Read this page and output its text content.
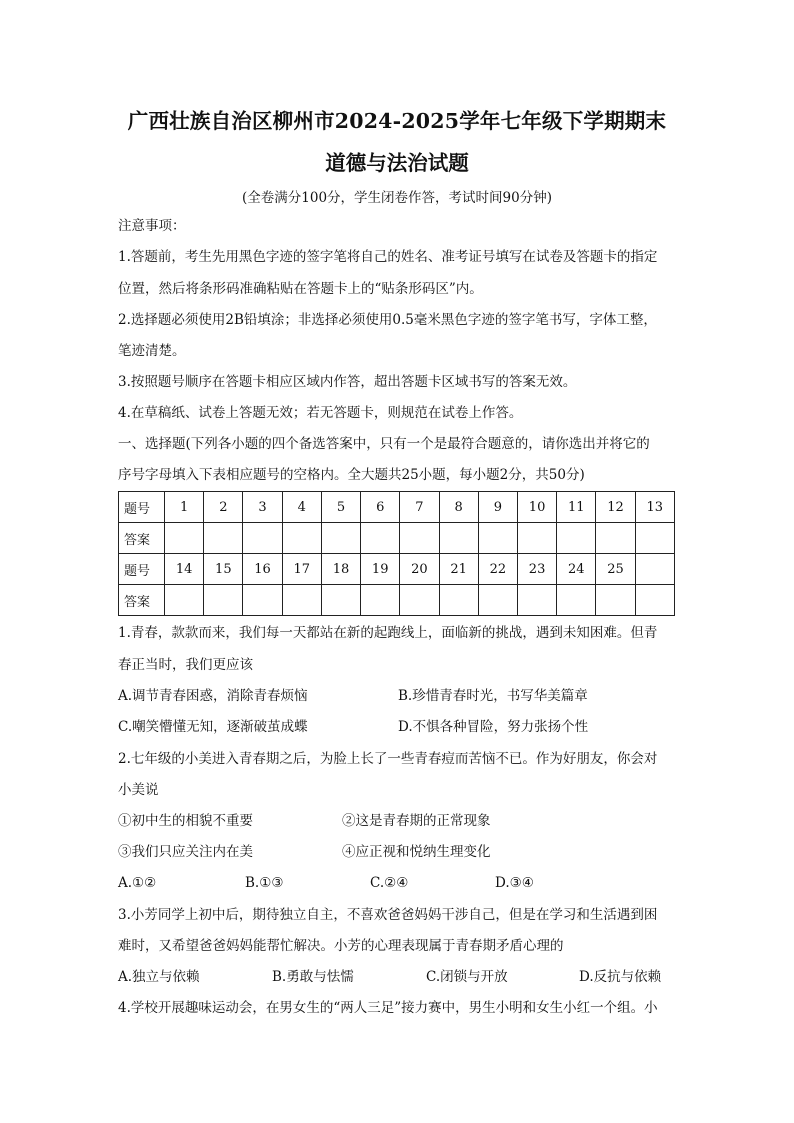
广西壮族自治区柳州市2024-2025学年七年级下学期期末
道德与法治试题
(全卷满分100分，学生闭卷作答，考试时间90分钟)
注意事项：
1.答题前，考生先用黑色字迹的签字笔将自己的姓名、准考证号填写在试卷及答题卡的指定
位置，然后将条形码准确粘贴在答题卡上的“贴条形码区”内。
2.选择题必须使用2B铅填涂；非选择必须使用0.5毫米黑色字迹的签字笔书写，字体工整，
笔迹清楚。
3.按照题号顺序在答题卡相应区域内作答，超出答题卡区域书写的答案无效。
4.在草稿纸、试卷上答题无效；若无答题卡，则规范在试卷上作答。
一、选择题(下列各小题的四个备选答案中，只有一个是最符合题意的，请你选出并将它的
序号字母填入下表相应题号的空格内。全大题共25小题，每小题2分，共50分)
题号	1	2	3	4	5	6	7	8	9	10	11	12	13
答案													
题号	14	15	16	17	18	19	20	21	22	23	24	25	
答案													
1.青春，款款而来，我们每一天都站在新的起跑线上，面临新的挑战，遇到未知困难。但青
春正当时，我们更应该
A.调节青春困惑，消除青春烦恼	B.珍惜青春时光，书写华美篇章
C.嘲笑懵懂无知，逐渐破茧成蝶	D.不惧各种冒险，努力张扬个性
2.七年级的小美进入青春期之后，为脸上长了一些青春痘而苦恼不已。作为好朋友，你会对
小美说
①初中生的相貌不重要	②这是青春期的正常现象
③我们只应关注内在美	④应正视和悦纳生理变化
A.①②	B.①③	C.②④	D.③④
3.小芳同学上初中后，期待独立自主，不喜欢爸爸妈妈干涉自己，但是在学习和生活遇到困
难时，又希望爸爸妈妈能帮忙解决。小芳的心理表现属于青春期矛盾心理的
A.独立与依赖	B.勇敢与怯懦	C.闭锁与开放	D.反抗与依赖
4.学校开展趣味运动会，在男女生的“两人三足”接力赛中，男生小明和女生小红一个组。小
